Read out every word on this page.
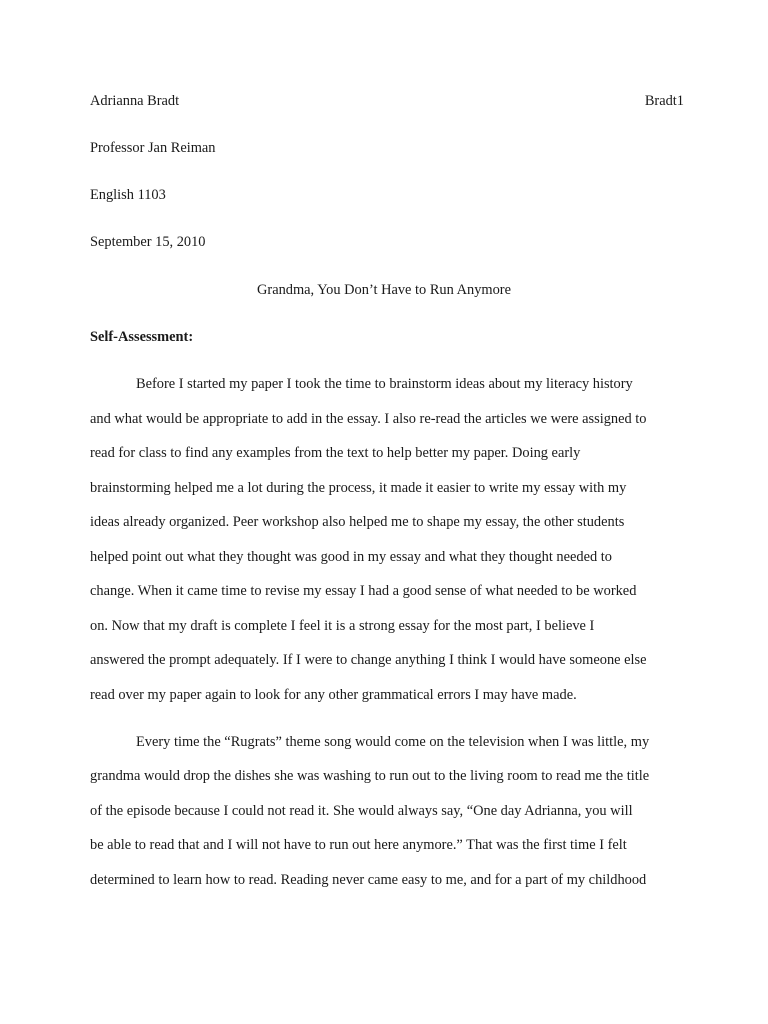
Adrianna Bradt	Bradt1
Professor Jan Reiman
English 1103
September 15, 2010
Grandma, You Don’t Have to Run Anymore
Self-Assessment:
Before I started my paper I took the time to brainstorm ideas about my literacy history
and what would be appropriate to add in the essay. I also re-read the articles we were assigned to
read for class to find any examples from the text to help better my paper. Doing early
brainstorming helped me a lot during the process, it made it easier to write my essay with my
ideas already organized. Peer workshop also helped me to shape my essay, the other students
helped point out what they thought was good in my essay and what they thought needed to
change. When it came time to revise my essay I had a good sense of what needed to be worked
on. Now that my draft is complete I feel it is a strong essay for the most part, I believe I
answered the prompt adequately. If I were to change anything I think I would have someone else
read over my paper again to look for any other grammatical errors I may have made.
Every time the “Rugrats” theme song would come on the television when I was little, my
grandma would drop the dishes she was washing to run out to the living room to read me the title
of the episode because I could not read it. She would always say, “One day Adrianna, you will
be able to read that and I will not have to run out here anymore.” That was the first time I felt
determined to learn how to read. Reading never came easy to me, and for a part of my childhood
